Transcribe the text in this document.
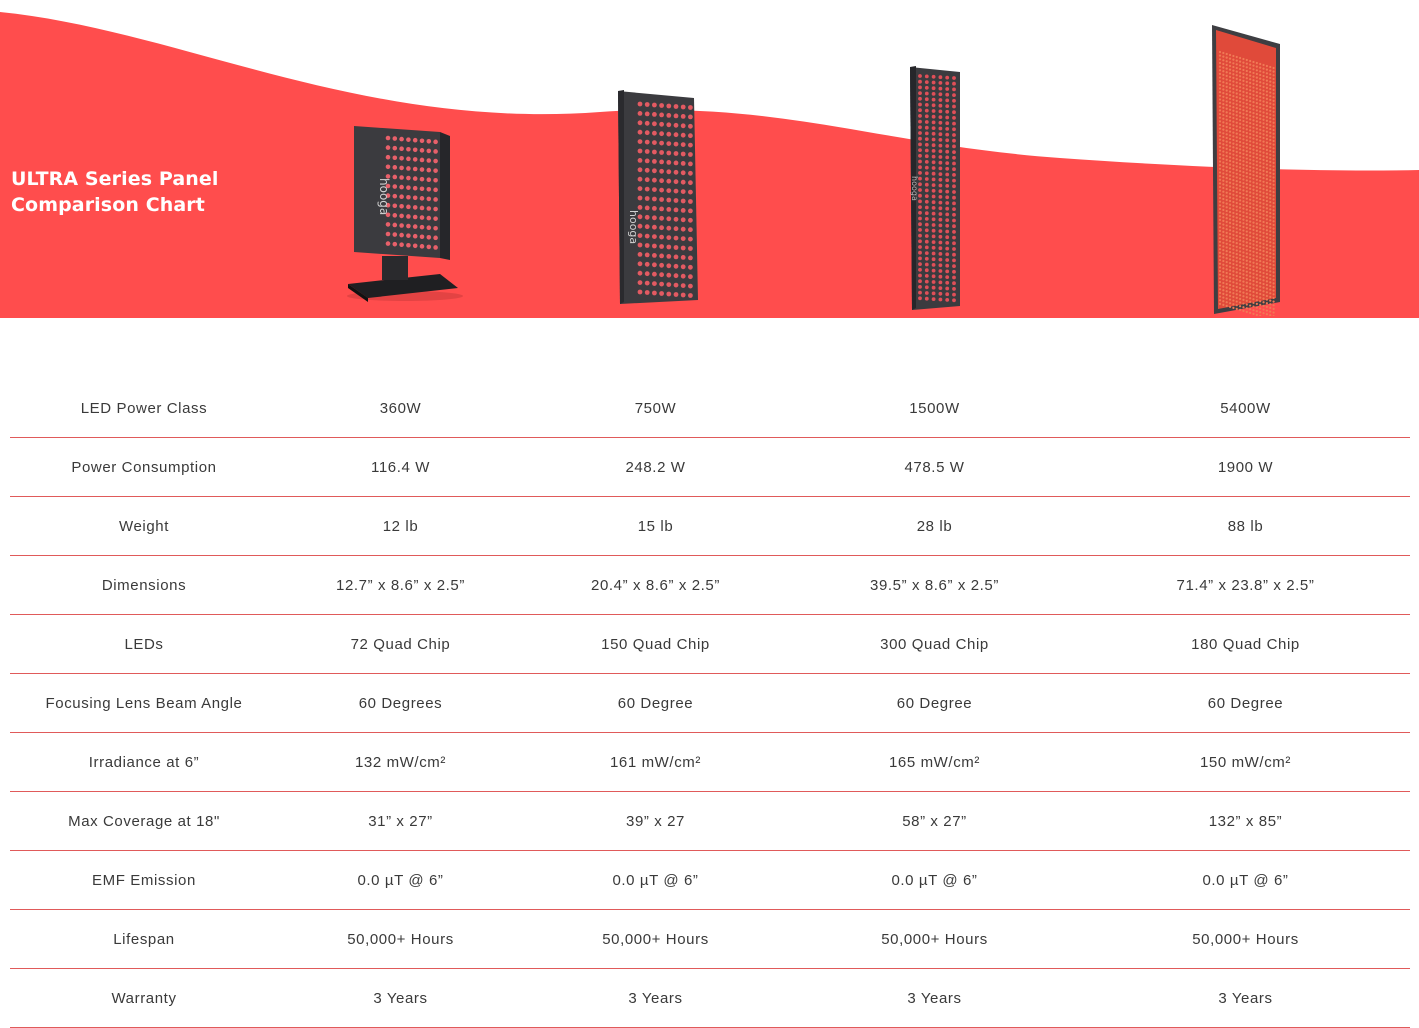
ULTRA Series Panel
Comparison Chart	hooga
hooga
hooga
LED Power Class	360W	750W	1500W	5400W
Power Consumption	116.4 W	248.2 W	478.5 W	1900 W
Weight	12 lb	15 lb	28 lb	88 lb
Dimensions	12.7” x 8.6” x 2.5”	20.4” x 8.6” x 2.5”	39.5” x 8.6” x 2.5”	71.4” x 23.8” x 2.5”
LEDs	72 Quad Chip	150 Quad Chip	300 Quad Chip	180 Quad Chip
Focusing Lens Beam Angle	60 Degrees	60 Degree	60 Degree	60 Degree
Irradiance at 6”	132 mW/cm²	161 mW/cm²	165 mW/cm²	150 mW/cm²
Max Coverage at 18"	31” x 27”	39” x 27	58” x 27”	132” x 85”
EMF Emission	0.0 µT @ 6”	0.0 µT @ 6”	0.0 µT @ 6”	0.0 µT @ 6”
Lifespan	50,000+ Hours	50,000+ Hours	50,000+ Hours	50,000+ Hours
Warranty	3 Years	3 Years	3 Years	3 Years
